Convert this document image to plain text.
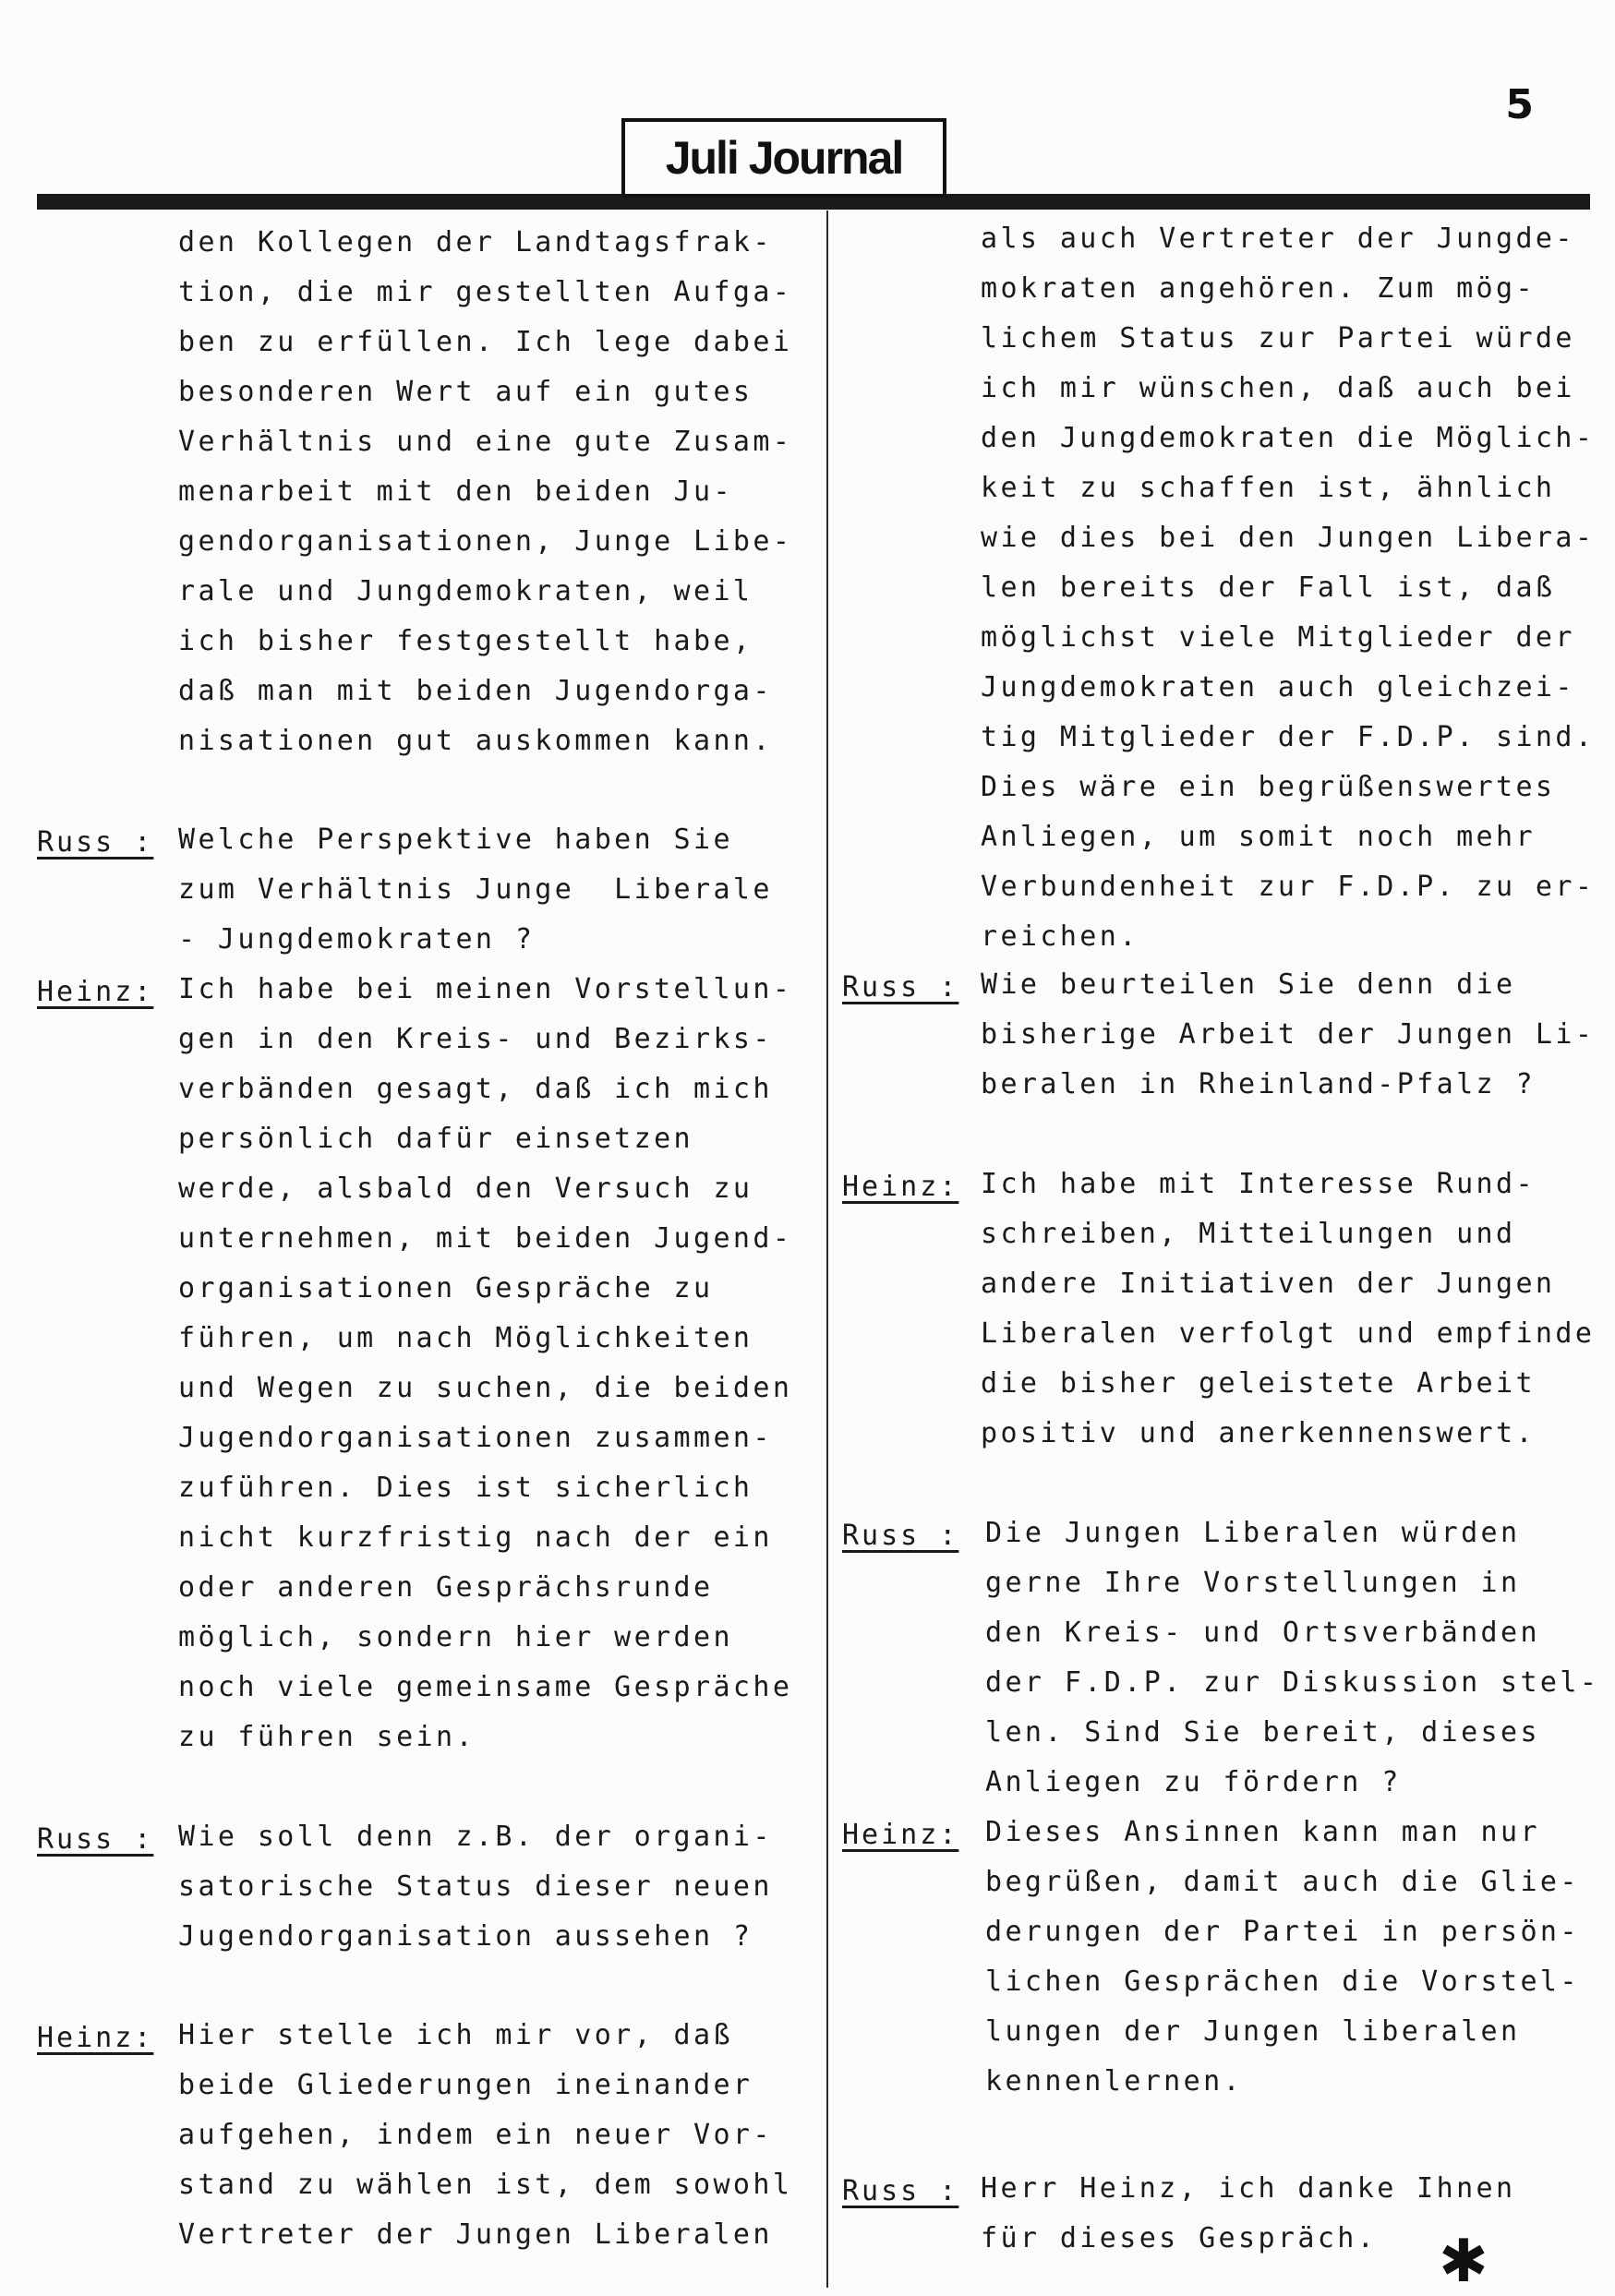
5
Juli Journal
den Kollegen der Landtagsfrak-
tion, die mir gestellten Aufga-
ben zu erfüllen. Ich lege dabei
besonderen Wert auf ein gutes
Verhältnis und eine gute Zusam-
menarbeit mit den beiden Ju-
gendorganisationen, Junge Libe-
rale und Jungdemokraten, weil
ich bisher festgestellt habe,
daß man mit beiden Jugendorga-
nisationen gut auskommen kann.
Russ : Welche Perspektive haben Sie
zum Verhältnis Junge  Liberale
- Jungdemokraten ?
Heinz: Ich habe bei meinen Vorstellun-
gen in den Kreis- und Bezirks-
verbänden gesagt, daß ich mich
persönlich dafür einsetzen
werde, alsbald den Versuch zu
unternehmen, mit beiden Jugend-
organisationen Gespräche zu
führen, um nach Möglichkeiten
und Wegen zu suchen, die beiden
Jugendorganisationen zusammen-
zuführen. Dies ist sicherlich
nicht kurzfristig nach der ein
oder anderen Gesprächsrunde
möglich, sondern hier werden
noch viele gemeinsame Gespräche
zu führen sein.
Russ : Wie soll denn z.B. der organi-
satorische Status dieser neuen
Jugendorganisation aussehen ?
Heinz: Hier stelle ich mir vor, daß
beide Gliederungen ineinander
aufgehen, indem ein neuer Vor-
stand zu wählen ist, dem sowohl
Vertreter der Jungen Liberalen
als auch Vertreter der Jungde-
mokraten angehören. Zum mög-
lichem Status zur Partei würde
ich mir wünschen, daß auch bei
den Jungdemokraten die Möglich-
keit zu schaffen ist, ähnlich
wie dies bei den Jungen Libera-
len bereits der Fall ist, daß
möglichst viele Mitglieder der
Jungdemokraten auch gleichzei-
tig Mitglieder der F.D.P. sind.
Dies wäre ein begrüßenswertes
Anliegen, um somit noch mehr
Verbundenheit zur F.D.P. zu er-
reichen.
Russ : Wie beurteilen Sie denn die
bisherige Arbeit der Jungen Li-
beralen in Rheinland-Pfalz ?
Heinz: Ich habe mit Interesse Rund-
schreiben, Mitteilungen und
andere Initiativen der Jungen
Liberalen verfolgt und empfinde
die bisher geleistete Arbeit
positiv und anerkennenswert.
Russ : Die Jungen Liberalen würden
gerne Ihre Vorstellungen in
den Kreis- und Ortsverbänden
der F.D.P. zur Diskussion stel-
len. Sind Sie bereit, dieses
Anliegen zu fördern ?
Heinz: Dieses Ansinnen kann man nur
begrüßen, damit auch die Glie-
derungen der Partei in persön-
lichen Gesprächen die Vorstel-
lungen der Jungen liberalen
kennenlernen.
Russ : Herr Heinz, ich danke Ihnen
für dieses Gespräch.	✱
